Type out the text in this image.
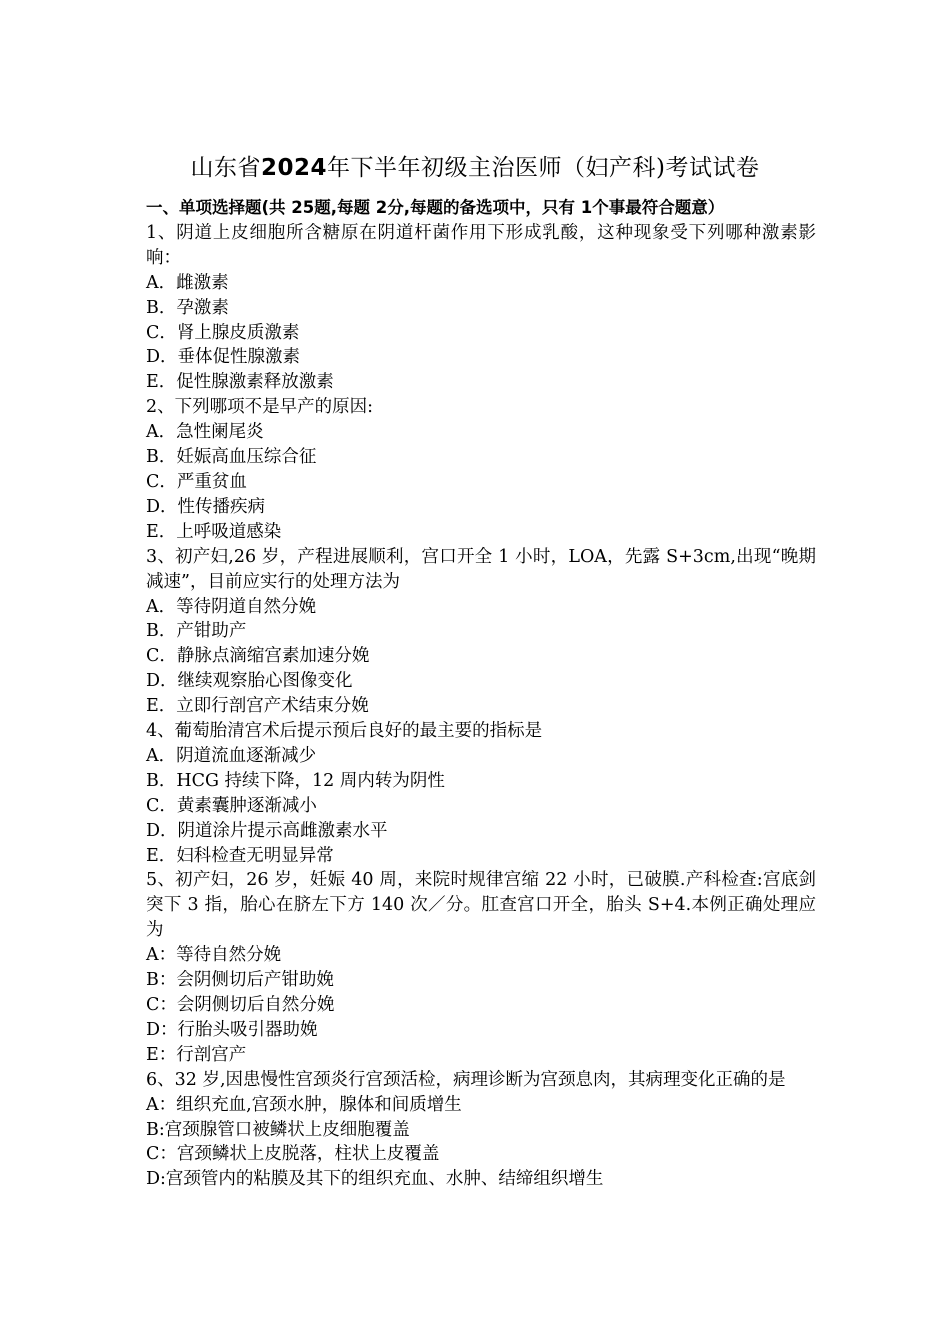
山东省2024年下半年初级主治医师（妇产科)考试试卷

一、单项选择题(共 25题,每题 2分,每题的备选项中，只有 1个事最符合题意）

1、阴道上皮细胞所含糖原在阴道杆菌作用下形成乳酸，这种现象受下列哪种激素影响：

A．雌激素

B．孕激素

C．肾上腺皮质激素

D．垂体促性腺激素

E．促性腺激素释放激素

2、下列哪项不是早产的原因:

A．急性阑尾炎

B．妊娠高血压综合征

C．严重贫血

D．性传播疾病

E．上呼吸道感染

3、初产妇,26 岁，产程进展顺利，宫口开全 1 小时，LOA，先露 S+3cm,出现“晚期减速”，目前应实行的处理方法为

A．等待阴道自然分娩

B．产钳助产

C．静脉点滴缩宫素加速分娩

D．继续观察胎心图像变化

E．立即行剖宫产术结束分娩

4、葡萄胎清宫术后提示预后良好的最主要的指标是

A．阴道流血逐渐减少

B．HCG 持续下降，12 周内转为阴性

C．黄素囊肿逐渐减小

D．阴道涂片提示高雌激素水平

E．妇科检查无明显异常

5、初产妇，26 岁，妊娠 40 周，来院时规律宫缩 22 小时，已破膜.产科检查:宫底剑突下 3 指，胎心在脐左下方 140 次／分。肛查宫口开全，胎头 S+4.本例正确处理应为

A：等待自然分娩

B：会阴侧切后产钳助娩

C：会阴侧切后自然分娩

D：行胎头吸引器助娩

E：行剖宫产

6、32 岁,因患慢性宫颈炎行宫颈活检，病理诊断为宫颈息肉，其病理变化正确的是

A：组织充血,宫颈水肿，腺体和间质增生

B:宫颈腺管口被鳞状上皮细胞覆盖

C：宫颈鳞状上皮脱落，柱状上皮覆盖

D:宫颈管内的粘膜及其下的组织充血、水肿、结缔组织增生
